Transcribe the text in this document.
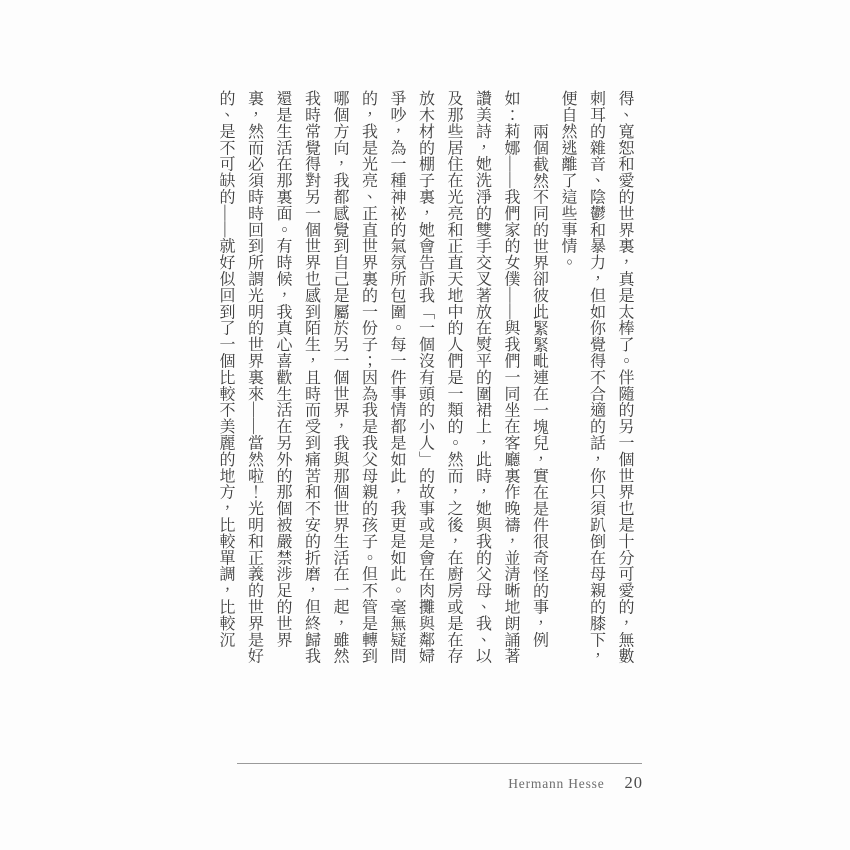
得、寬恕和愛的世界裏，真是太棒了。伴隨的另一個世界也是十分可愛的，無數
刺耳的雜音、陰鬱和暴力，但如你覺得不合適的話，你只須趴倒在母親的膝下，
便自然逃離了這些事情。
兩個截然不同的世界卻彼此緊緊毗連在一塊兒，實在是件很奇怪的事，例
如：莉娜——我們家的女僕——與我們一同坐在客廳裏作晚禱，並清晰地朗誦著
讚美詩，她洗淨的雙手交叉著放在熨平的圍裙上，此時，她與我的父母、我、以
及那些居住在光亮和正直天地中的人們是一類的。然而，之後，在廚房或是在存
放木材的棚子裏，她會告訴我「一個沒有頭的小人」的故事或是會在肉攤與鄰婦
爭吵，為一種神祕的氣氛所包圍。每一件事情都是如此，我更是如此。毫無疑問
的，我是光亮、正直世界裏的一份子；因為我是我父母親的孩子。但不管是轉到
哪個方向，我都感覺到自己是屬於另一個世界，我與那個世界生活在一起，雖然
我時常覺得對另一個世界也感到陌生，且時而受到痛苦和不安的折磨，但終歸我
還是生活在那裏面。有時候，我真心喜歡生活在另外的那個被嚴禁涉足的世界
裏，然而必須時時回到所謂光明的世界裏來——當然啦！光明和正義的世界是好
的、是不可缺的——就好似回到了一個比較不美麗的地方，比較單調，比較沉
Hermann Hesse 20
